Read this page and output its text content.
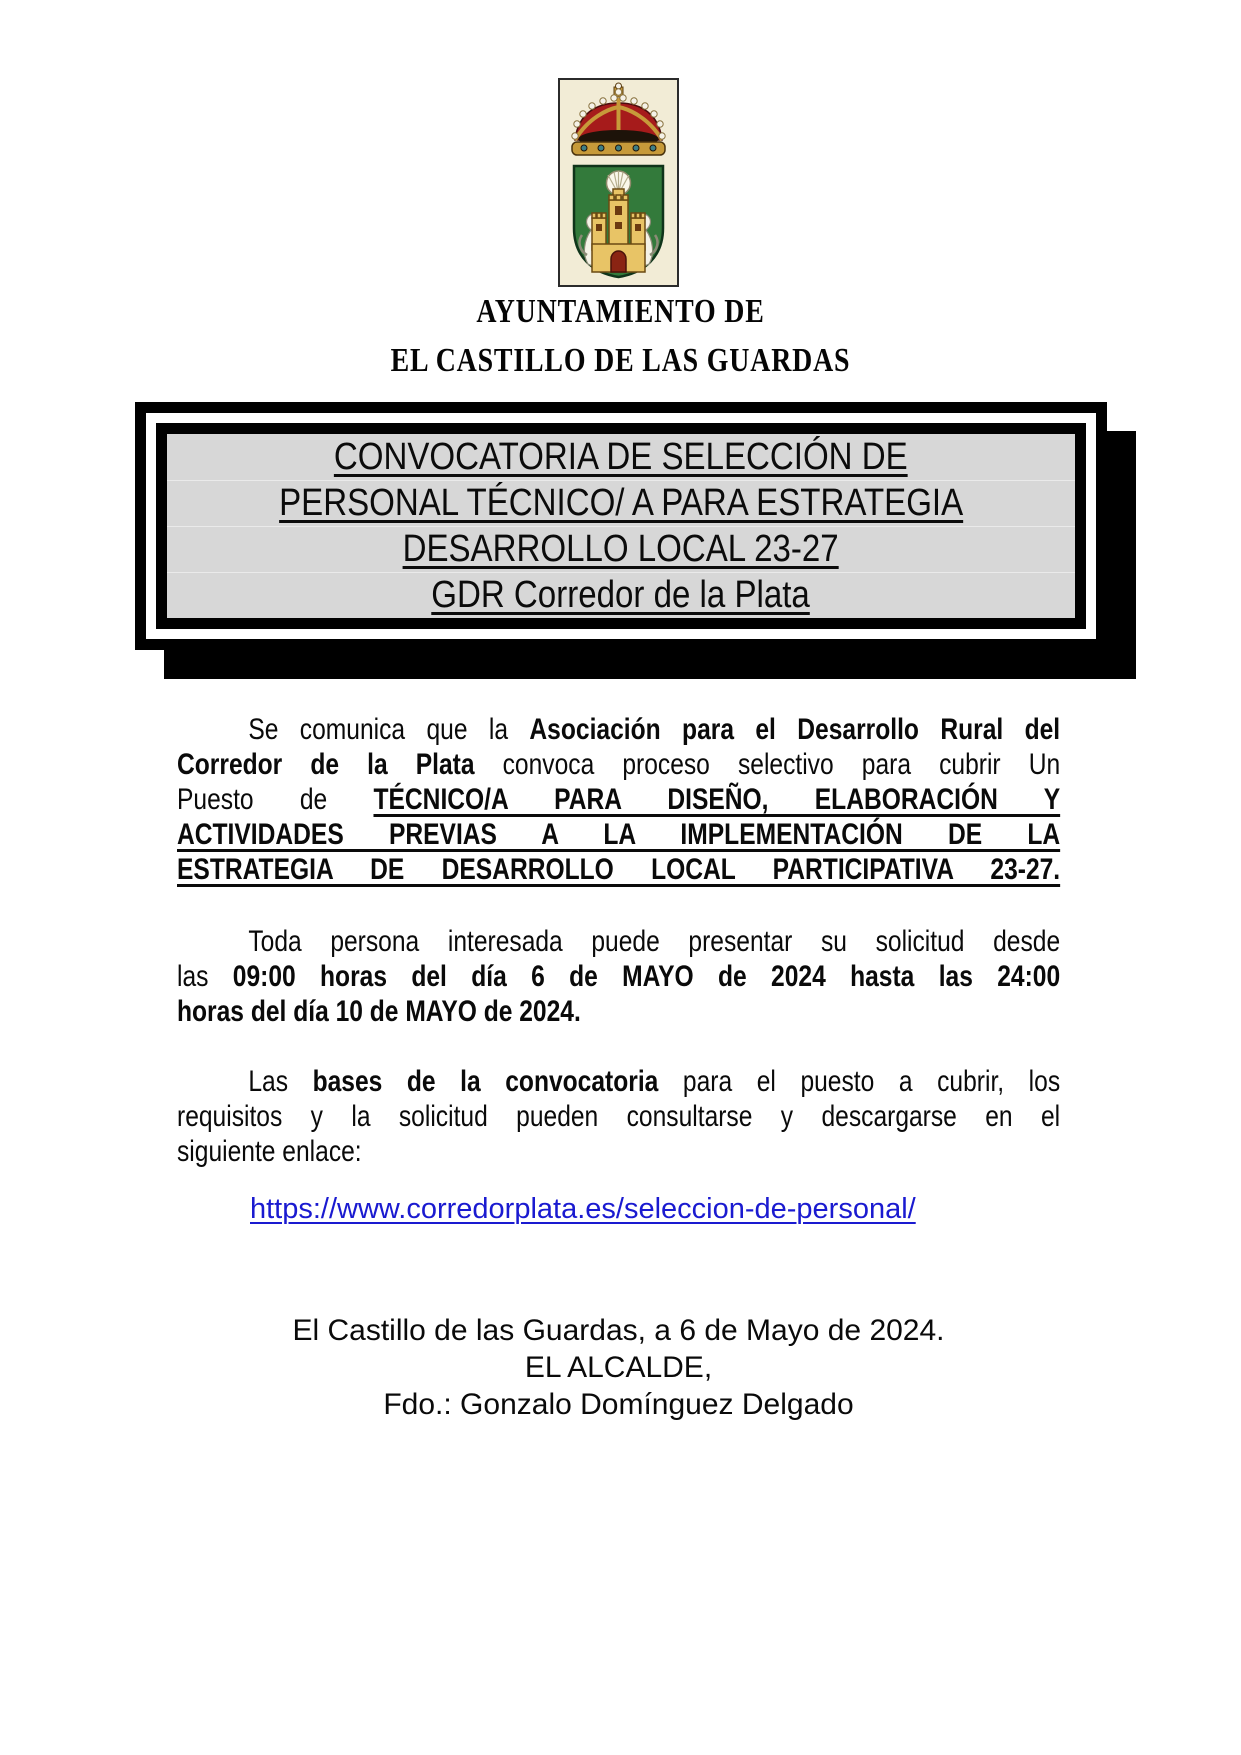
AYUNTAMIENTO DE
EL CASTILLO DE LAS GUARDAS
CONVOCATORIA DE SELECCIÓN DE
PERSONAL TÉCNICO/ A PARA ESTRATEGIA
DESARROLLO LOCAL 23-27
GDR Corredor de la Plata
Se comunica que la Asociación para el Desarrollo Rural del
Corredor de la Plata convoca proceso selectivo para cubrir Un
Puesto de TÉCNICO/A PARA DISEÑO, ELABORACIÓN Y
ACTIVIDADES PREVIAS A LA IMPLEMENTACIÓN DE LA
ESTRATEGIA DE DESARROLLO LOCAL PARTICIPATIVA 23-27.
Toda persona interesada puede presentar su solicitud desde
las 09:00 horas del día 6 de MAYO de 2024 hasta las 24:00
horas del día 10 de MAYO de 2024.
Las bases de la convocatoria para el puesto a cubrir, los
requisitos y la solicitud pueden consultarse y descargarse en el
siguiente enlace:
https://www.corredorplata.es/seleccion-de-personal/
El Castillo de las Guardas, a 6 de Mayo de 2024.
EL ALCALDE,
Fdo.: Gonzalo Domínguez Delgado
